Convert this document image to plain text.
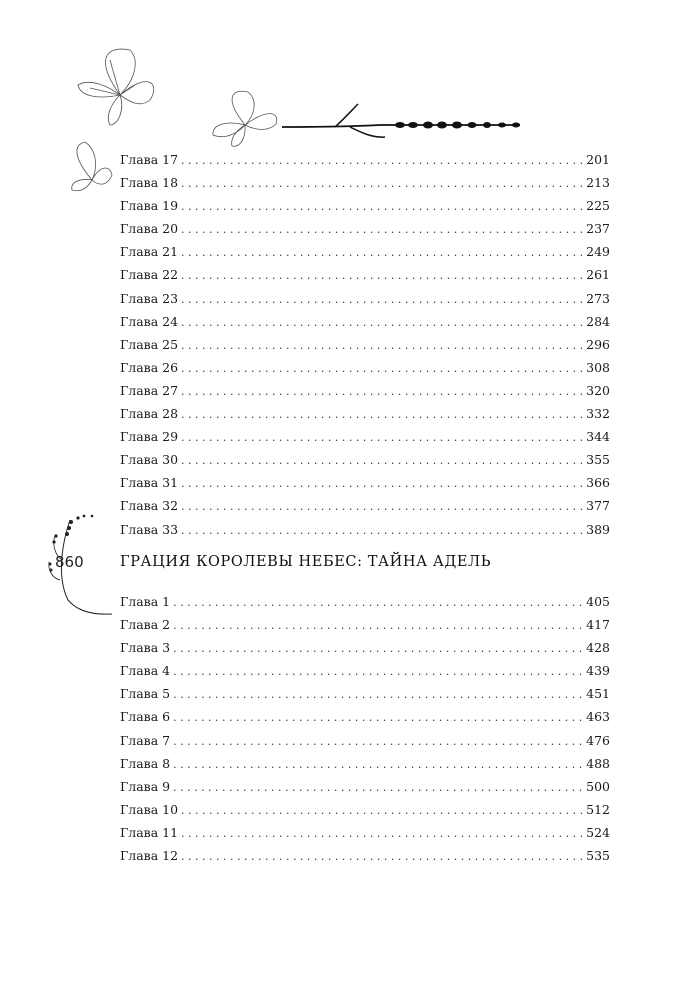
Глава 17 . . .	201
Глава 18 . . .	213
Глава 19 . . .	225
Глава 20 . . .	237
Глава 21 . . .	249
Глава 22 . . .	261
Глава 23 . . .	273
Глава 24 . . .	284
Глава 25 . . .	296
Глава 26 . . .	308
Глава 27 . . .	320
Глава 28 . . .	332
Глава 29 . . .	344
Глава 30 . . .	355
Глава 31 . . .	366
Глава 32 . . .	377
Глава 33 . . .	389
860	ГРАЦИЯ КОРОЛЕВЫ НЕБЕС: ТАЙНА АДЕЛЬ
Глава 1 . . .	405
Глава 2 . . .	417
Глава 3 . . .	428
Глава 4 . . .	439
Глава 5 . . .	451
Глава 6 . . .	463
Глава 7 . . .	476
Глава 8 . . .	488
Глава 9 . . .	500
Глава 10 . . .	512
Глава 11 . . .	524
Глава 12 . . .	535
